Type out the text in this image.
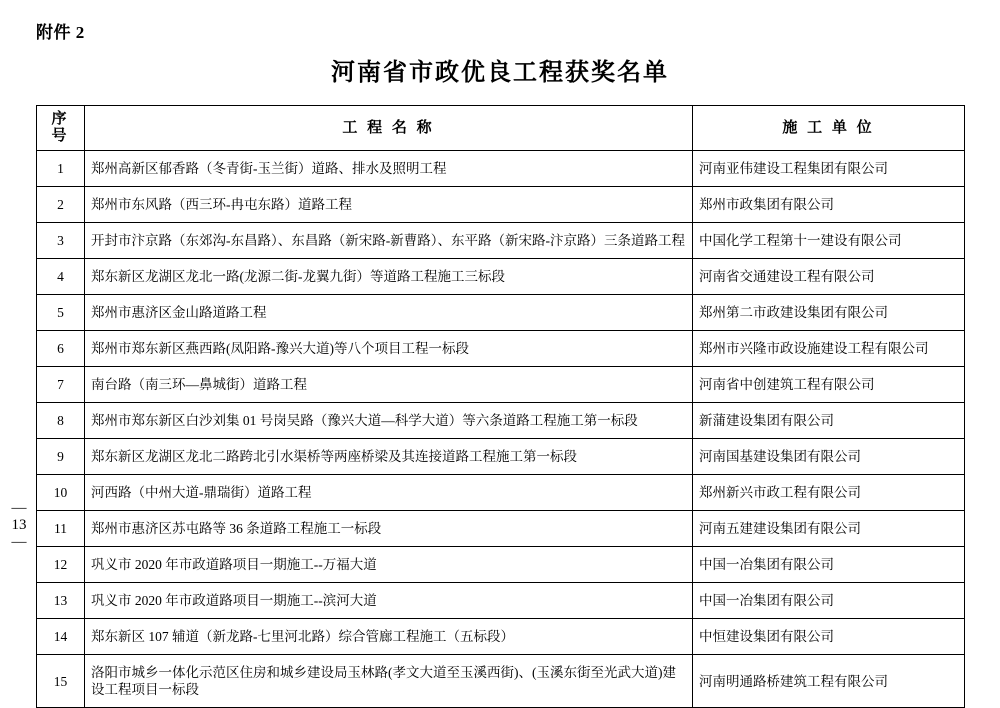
附件 2
河南省市政优良工程获奖名单
— 13 —
序 号	工 程 名 称	施 工 单 位
1	郑州高新区郁香路（冬青街-玉兰街）道路、排水及照明工程	河南亚伟建设工程集团有限公司
2	郑州市东风路（西三环-冉屯东路）道路工程	郑州市政集团有限公司
3	开封市汴京路（东郊沟-东昌路）、东昌路（新宋路-新曹路）、东平路（新宋路-汴京路）三条道路工程	中国化学工程第十一建设有限公司
4	郑东新区龙湖区龙北一路(龙源二街-龙翼九街）等道路工程施工三标段	河南省交通建设工程有限公司
5	郑州市惠济区金山路道路工程	郑州第二市政建设集团有限公司
6	郑州市郑东新区燕西路(凤阳路-豫兴大道)等八个项目工程一标段	郑州市兴隆市政设施建设工程有限公司
7	南台路（南三环—鼻城街）道路工程	河南省中创建筑工程有限公司
8	郑州市郑东新区白沙刘集 01 号岗吴路（豫兴大道—科学大道）等六条道路工程施工第一标段	新蒲建设集团有限公司
9	郑东新区龙湖区龙北二路跨北引水渠桥等两座桥梁及其连接道路工程施工第一标段	河南国基建设集团有限公司
10	河西路（中州大道-鼎瑞街）道路工程	郑州新兴市政工程有限公司
11	郑州市惠济区苏屯路等 36 条道路工程施工一标段	河南五建建设集团有限公司
12	巩义市 2020 年市政道路项目一期施工--万福大道	中国一冶集团有限公司
13	巩义市 2020 年市政道路项目一期施工--滨河大道	中国一冶集团有限公司
14	郑东新区 107 辅道（新龙路-七里河北路）综合管廊工程施工（五标段）	中恒建设集团有限公司
15	洛阳市城乡一体化示范区住房和城乡建设局玉林路(孝文大道至玉溪西街)、(玉溪东街至光武大道)建设工程项目一标段	河南明通路桥建筑工程有限公司
